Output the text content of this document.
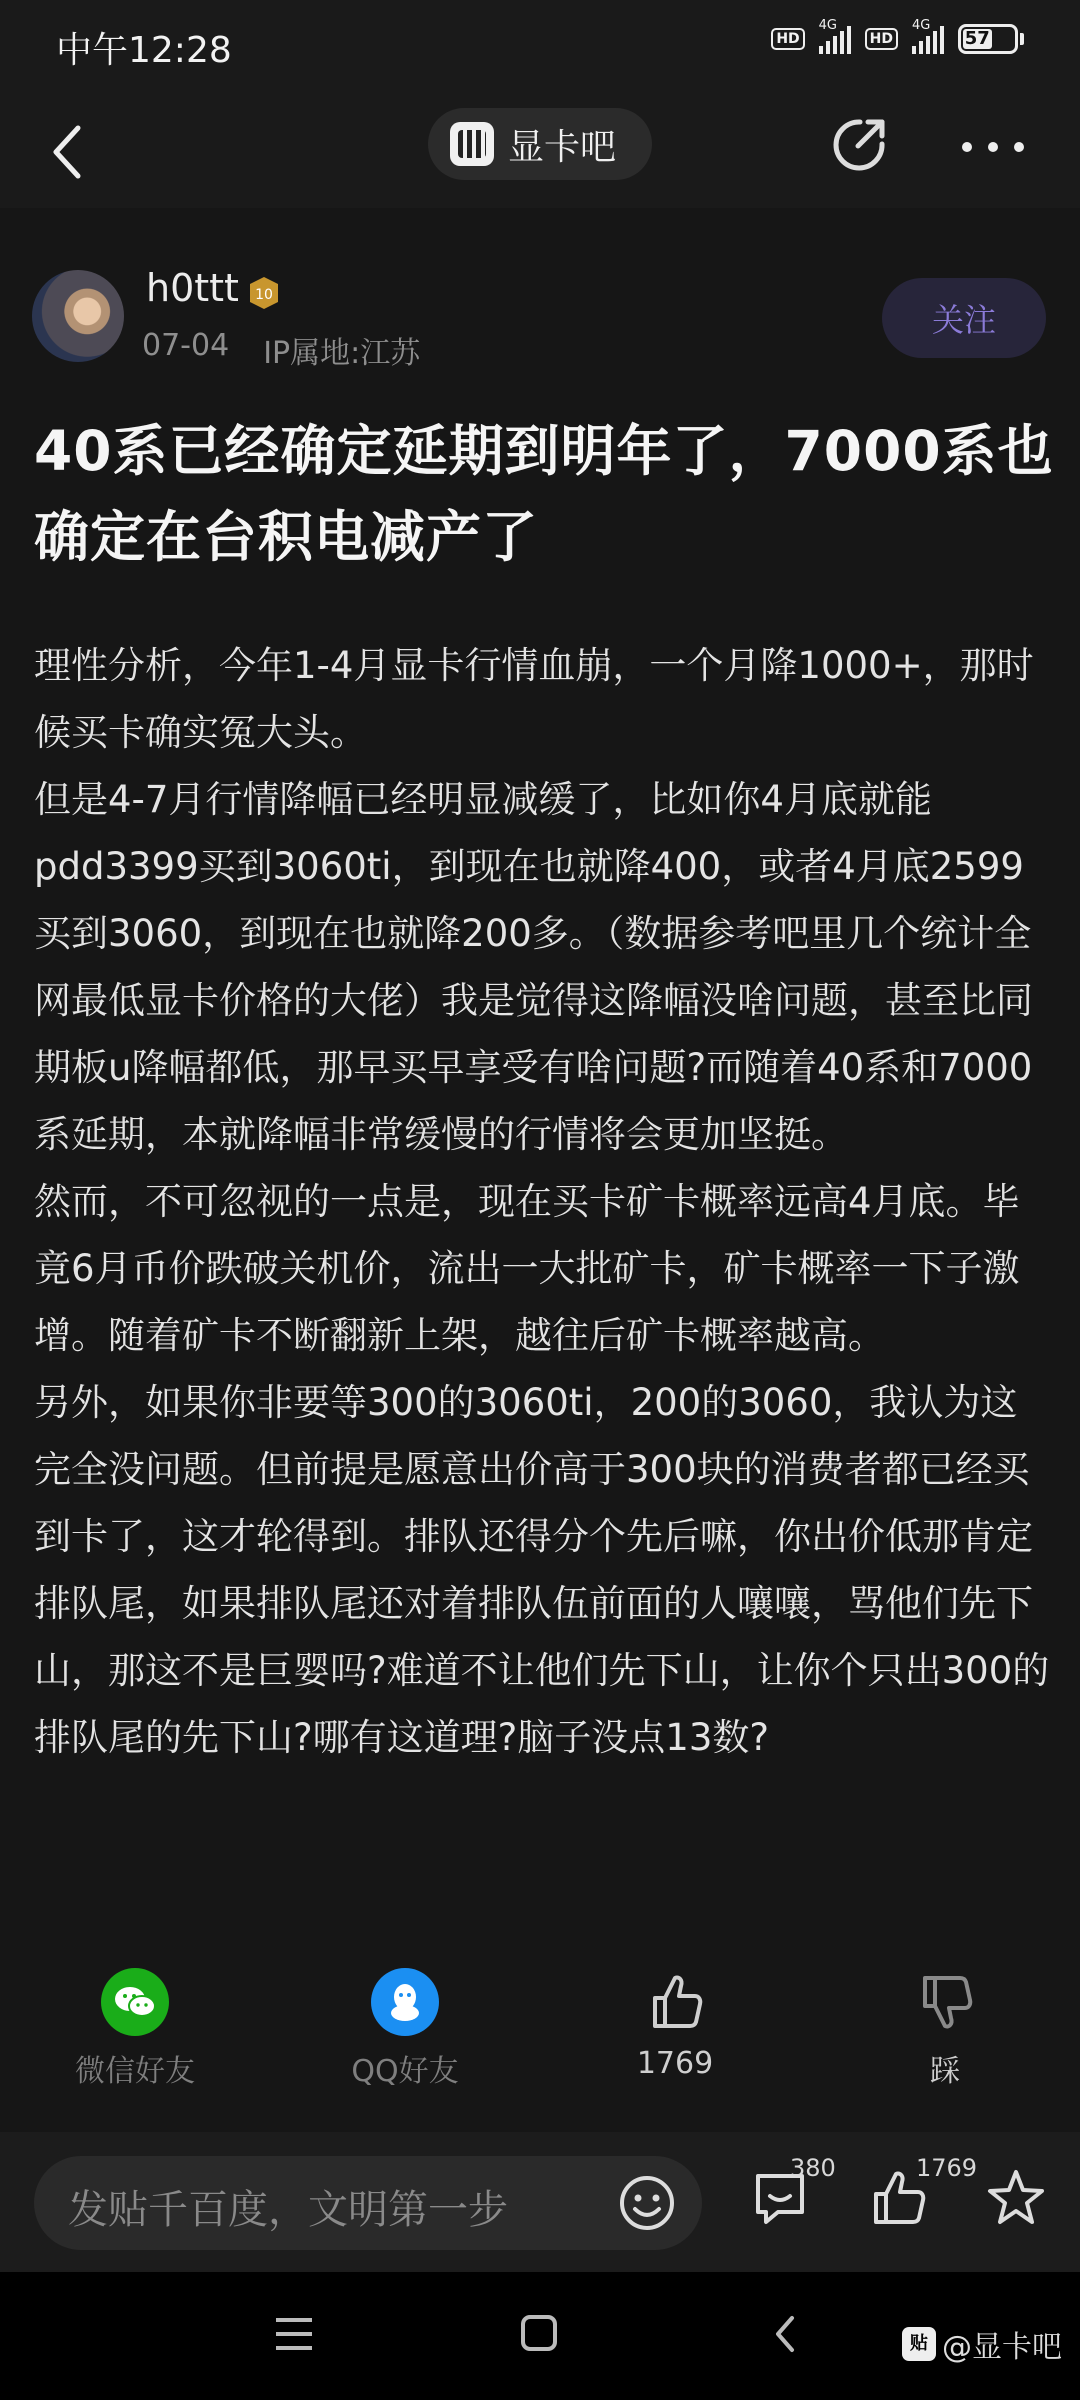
中午12:28	HD
4G
HD
4G
57
显卡吧
h0ttt 10
07-04 IP属地:江苏
关注
40系已经确定延期到明年了，7000系也确定在台积电减产了

理性分析，今年1-4月显卡行情血崩，一个月降1000+，那时候买卡确实冤大头。

但是4-7月行情降幅已经明显减缓了，比如你4月底就能pdd3399买到3060ti，到现在也就降400，或者4月底2599买到3060，到现在也就降200多。（数据参考吧里几个统计全网最低显卡价格的大佬）我是觉得这降幅没啥问题，甚至比同期板u降幅都低，那早买早享受有啥问题?而随着40系和7000系延期，本就降幅非常缓慢的行情将会更加坚挺。

然而，不可忽视的一点是，现在买卡矿卡概率远高4月底。毕竟6月币价跌破关机价，流出一大批矿卡，矿卡概率一下子激增。随着矿卡不断翻新上架，越往后矿卡概率越高。

另外，如果你非要等300的3060ti，200的3060，我认为这完全没问题。但前提是愿意出价高于300块的消费者都已经买到卡了，这才轮得到。排队还得分个先后嘛，你出价低那肯定排队尾，如果排队尾还对着排队伍前面的人嚷嚷，骂他们先下山，那这不是巨婴吗?难道不让他们先下山，让你个只出300的排队尾的先下山?哪有这道理?脑子没点13数?

微信好友	QQ好友	1769	踩
发贴千百度，文明第一步
380	1769
贴 @显卡吧
